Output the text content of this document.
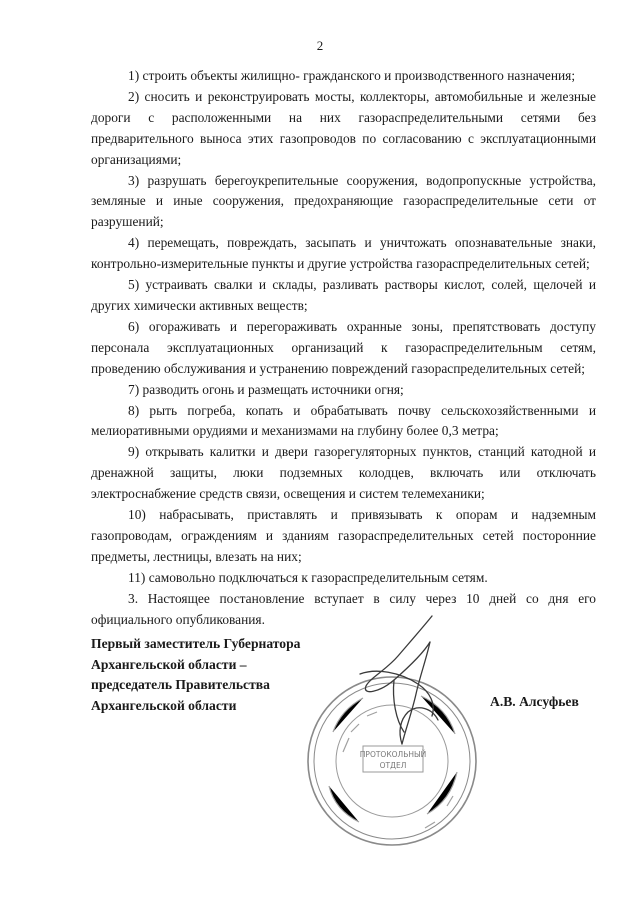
2

1) строить объекты жилищно- гражданского и производственного назначения;

2) сносить и реконструировать мосты, коллекторы, автомобильные и железные дороги с расположенными на них газораспределительными сетями без предварительного выноса этих газопроводов по согласованию с эксплуатационными организациями;

3) разрушать берегоукрепительные сооружения, водопропускные устройства, земляные и иные сооружения, предохраняющие газораспределительные сети от разрушений;

4) перемещать, повреждать, засыпать и уничтожать опознавательные знаки, контрольно-измерительные пункты и другие устройства газораспределительных сетей;

5) устраивать свалки и склады, разливать растворы кислот, солей, щелочей и других химически активных веществ;

6) огораживать и перегораживать охранные зоны, препятствовать доступу персонала эксплуатационных организаций к газораспределительным сетям, проведению обслуживания и устранению повреждений газораспределительных сетей;

7) разводить огонь и размещать источники огня;

8) рыть погреба, копать и обрабатывать почву сельскохозяйственными и мелиоративными орудиями и механизмами на глубину более 0,3 метра;

9) открывать калитки и двери газорегуляторных пунктов, станций катодной и дренажной защиты, люки подземных колодцев, включать или отключать электроснабжение средств связи, освещения и систем телемеханики;

10) набрасывать, приставлять и привязывать к опорам и надземным газопроводам, ограждениям и зданиям газораспределительных сетей посторонние предметы, лестницы, влезать на них;

11) самовольно подключаться к газораспределительным сетям.

3. Настоящее постановление вступает в силу через 10 дней со дня его официального опубликования.

ПРОТОКОЛЬНЫЙ
ОТДЕЛ
Первый заместитель Губернатора
Архангельской области –
председатель Правительства
Архангельской области	А.В. Алсуфьев
